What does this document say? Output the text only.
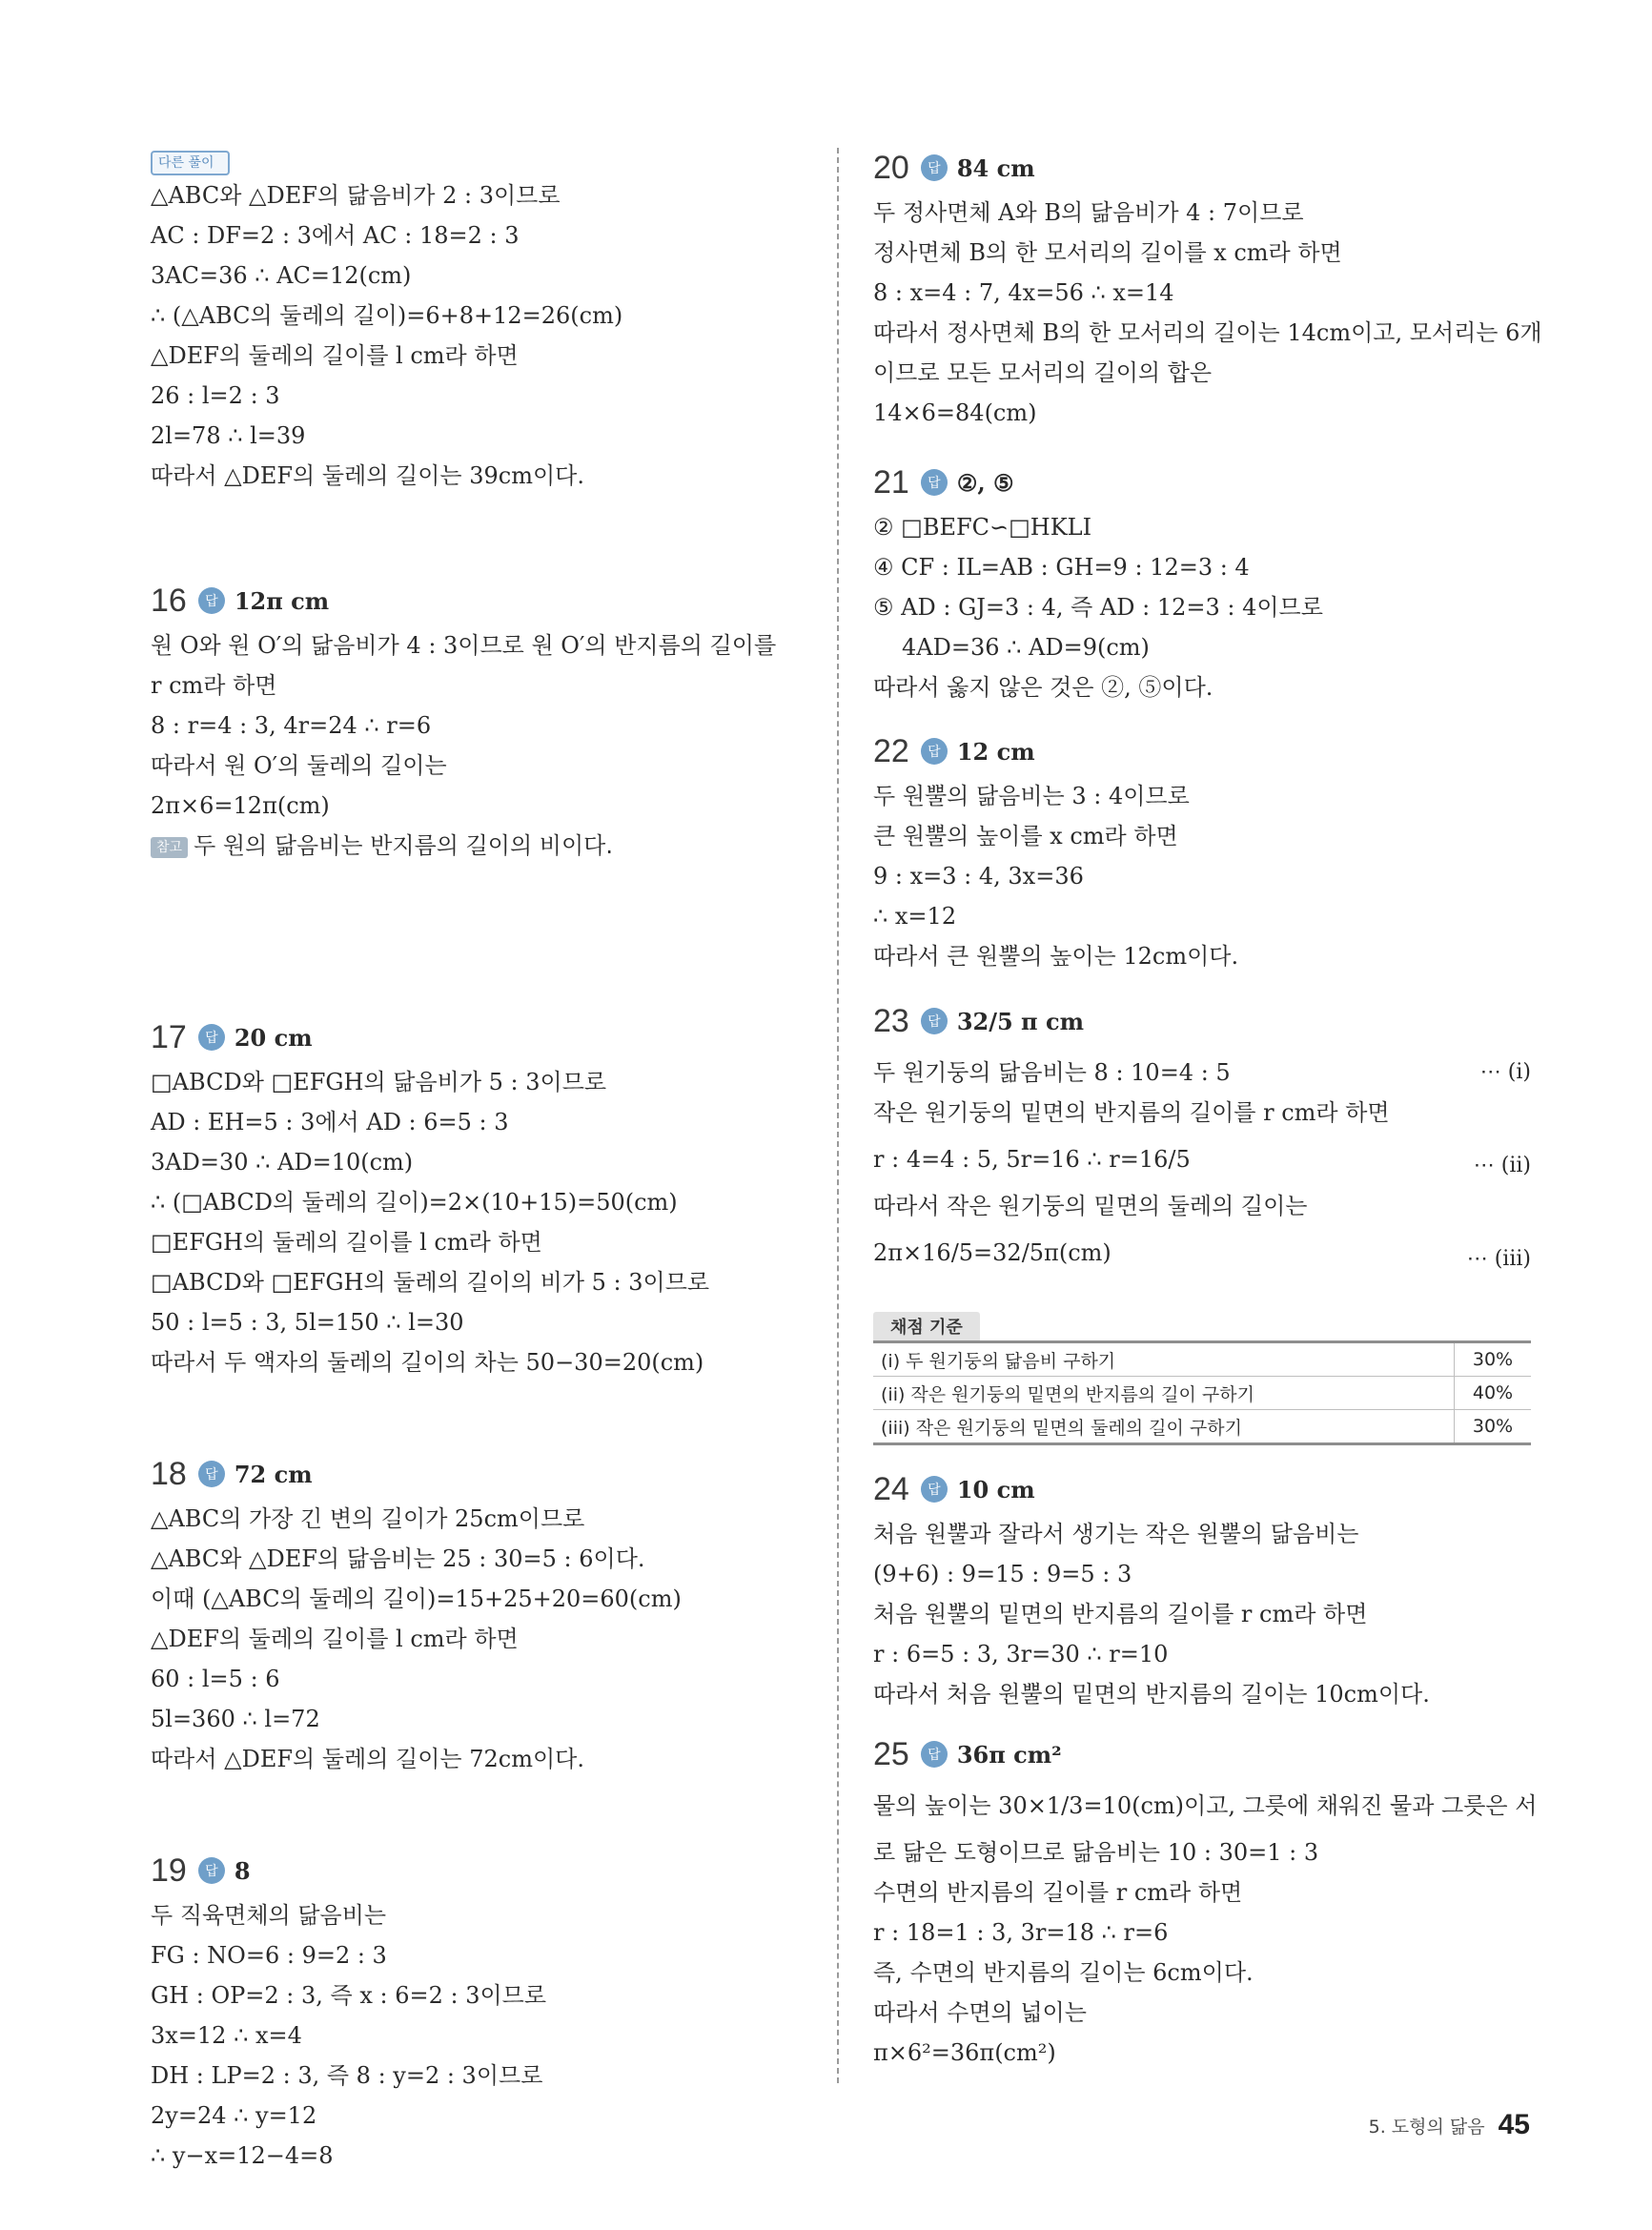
다른 풀이
△ABC와 △DEF의 닮음비가 2 : 3이므로
AC : DF=2 : 3에서 AC : 18=2 : 3
3AC=36 ∴ AC=12(cm)
∴ (△ABC의 둘레의 길이)=6+8+12=26(cm)
△DEF의 둘레의 길이를 l cm라 하면
26 : l=2 : 3
2l=78 ∴ l=39
따라서 △DEF의 둘레의 길이는 39cm이다.
16	답 12π cm
원 O와 원 O′의 닮음비가 4 : 3이므로 원 O′의 반지름의 길이를
r cm라 하면
8 : r=4 : 3, 4r=24 ∴ r=6
따라서 원 O′의 둘레의 길이는
2π×6=12π(cm)
참고 두 원의 닮음비는 반지름의 길이의 비이다.
17	답 20 cm
□ABCD와 □EFGH의 닮음비가 5 : 3이므로
AD : EH=5 : 3에서 AD : 6=5 : 3
3AD=30 ∴ AD=10(cm)
∴ (□ABCD의 둘레의 길이)=2×(10+15)=50(cm)
□EFGH의 둘레의 길이를 l cm라 하면
□ABCD와 □EFGH의 둘레의 길이의 비가 5 : 3이므로
50 : l=5 : 3, 5l=150 ∴ l=30
따라서 두 액자의 둘레의 길이의 차는 50−30=20(cm)
18	답 72 cm
△ABC의 가장 긴 변의 길이가 25cm이므로
△ABC와 △DEF의 닮음비는 25 : 30=5 : 6이다.
이때 (△ABC의 둘레의 길이)=15+25+20=60(cm)
△DEF의 둘레의 길이를 l cm라 하면
60 : l=5 : 6
5l=360 ∴ l=72
따라서 △DEF의 둘레의 길이는 72cm이다.
19	답 8
두 직육면체의 닮음비는
FG : NO=6 : 9=2 : 3
GH : OP=2 : 3, 즉 x : 6=2 : 3이므로
3x=12 ∴ x=4
DH : LP=2 : 3, 즉 8 : y=2 : 3이므로
2y=24 ∴ y=12
∴ y−x=12−4=8
20	답 84 cm
두 정사면체 A와 B의 닮음비가 4 : 7이므로
정사면체 B의 한 모서리의 길이를 x cm라 하면
8 : x=4 : 7, 4x=56 ∴ x=14
따라서 정사면체 B의 한 모서리의 길이는 14cm이고, 모서리는 6개
이므로 모든 모서리의 길이의 합은
14×6=84(cm)
21	답 ②, ⑤
② □BEFC∽□HKLI
④ CF : IL=AB : GH=9 : 12=3 : 4
⑤ AD : GJ=3 : 4, 즉 AD : 12=3 : 4이므로
4AD=36 ∴ AD=9(cm)
따라서 옳지 않은 것은 ②, ⑤이다.
22	답 12 cm
두 원뿔의 닮음비는 3 : 4이므로
큰 원뿔의 높이를 x cm라 하면
9 : x=3 : 4, 3x=36
∴ x=12
따라서 큰 원뿔의 높이는 12cm이다.
23	답 32/5 π cm
두 원기둥의 닮음비는 8 : 10=4 : 5	⋯ (i)
작은 원기둥의 밑면의 반지름의 길이를 r cm라 하면
r : 4=4 : 5, 5r=16 ∴ r=16/5	⋯ (ii)
따라서 작은 원기둥의 밑면의 둘레의 길이는
2π×16/5=32/5π(cm)	⋯ (iii)
채점 기준
(i) 두 원기둥의 닮음비 구하기	30%
(ii) 작은 원기둥의 밑면의 반지름의 길이 구하기	40%
(iii) 작은 원기둥의 밑면의 둘레의 길이 구하기	30%
24	답 10 cm
처음 원뿔과 잘라서 생기는 작은 원뿔의 닮음비는
(9+6) : 9=15 : 9=5 : 3
처음 원뿔의 밑면의 반지름의 길이를 r cm라 하면
r : 6=5 : 3, 3r=30 ∴ r=10
따라서 처음 원뿔의 밑면의 반지름의 길이는 10cm이다.
25	답 36π cm²
물의 높이는 30×1/3=10(cm)이고, 그릇에 채워진 물과 그릇은 서
로 닮은 도형이므로 닮음비는 10 : 30=1 : 3
수면의 반지름의 길이를 r cm라 하면
r : 18=1 : 3, 3r=18 ∴ r=6
즉, 수면의 반지름의 길이는 6cm이다.
따라서 수면의 넓이는
π×6²=36π(cm²)
5. 도형의 닮음 45
